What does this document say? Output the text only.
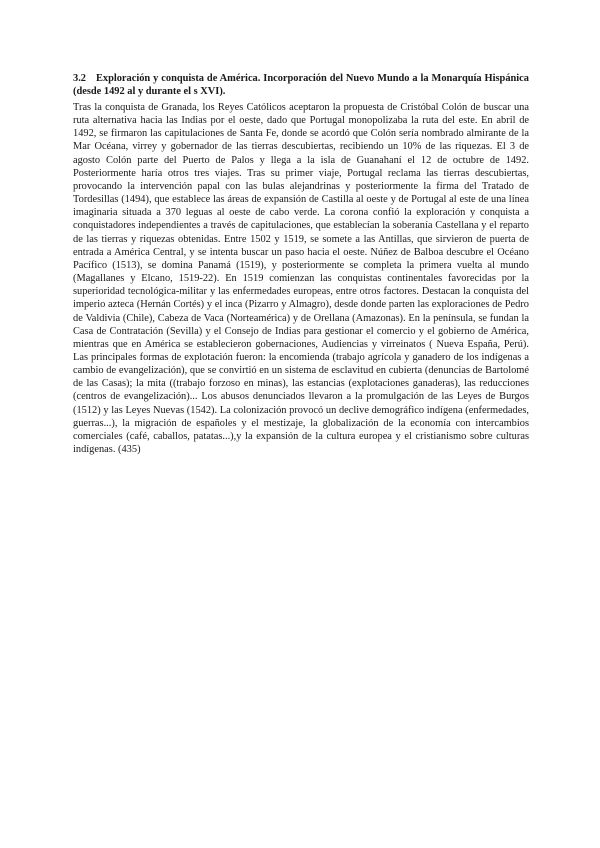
3.2 Exploración y conquista de América. Incorporación del Nuevo Mundo a la Monarquía Hispánica (desde 1492 al y durante el s XVI).

Tras la conquista de Granada, los Reyes Católicos aceptaron la propuesta de Cristóbal Colón de buscar una ruta alternativa hacia las Indias por el oeste, dado que Portugal monopolizaba la ruta del este. En abril de 1492, se firmaron las capitulaciones de Santa Fe, donde se acordó que Colón sería nombrado almirante de la Mar Océana, virrey y gobernador de las tierras descubiertas, recibiendo un 10% de las riquezas. El 3 de agosto Colón parte del Puerto de Palos y llega a la isla de Guanahaní el 12 de octubre de 1492. Posteriormente haría otros tres viajes. Tras su primer viaje, Portugal reclama las tierras descubiertas, provocando la intervención papal con las bulas alejandrinas y posteriormente la firma del Tratado de Tordesillas (1494), que establece las áreas de expansión de Castilla al oeste y de Portugal al este de una línea imaginaria situada a 370 leguas al oeste de cabo verde. La corona confió la exploración y conquista a conquistadores independientes a través de capitulaciones, que establecían la soberanía Castellana y el reparto de las tierras y riquezas obtenidas. Entre 1502 y 1519, se somete a las Antillas, que sirvieron de puerta de entrada a América Central, y se intenta buscar un paso hacia el oeste. Núñez de Balboa descubre el Océano Pacífico (1513), se domina Panamá (1519), y posteriormente se completa la primera vuelta al mundo (Magallanes y Elcano, 1519-22). En 1519 comienzan las conquistas continentales favorecidas por la superioridad tecnológica-militar y las enfermedades europeas, entre otros factores. Destacan la conquista del imperio azteca (Hernán Cortés) y el inca (Pizarro y Almagro), desde donde parten las exploraciones de Pedro de Valdivia (Chile), Cabeza de Vaca (Norteamérica) y de Orellana (Amazonas). En la península, se fundan la Casa de Contratación (Sevilla) y el Consejo de Indias para gestionar el comercio y el gobierno de América, mientras que en América se establecieron gobernaciones, Audiencias y virreinatos ( Nueva España, Perú). Las principales formas de explotación fueron: la encomienda (trabajo agrícola y ganadero de los indígenas a cambio de evangelización), que se convirtió en un sistema de esclavitud en cubierta (denuncias de Bartolomé de las Casas); la mita ((trabajo forzoso en minas), las estancias (explotaciones ganaderas), las reducciones (centros de evangelización)... Los abusos denunciados llevaron a la promulgación de las Leyes de Burgos (1512) y las Leyes Nuevas (1542). La colonización provocó un declive demográfico indígena (enfermedades, guerras...), la migración de españoles y el mestizaje, la globalización de la economía con intercambios comerciales (café, caballos, patatas...),y la expansión de la cultura europea y el cristianismo sobre culturas indígenas. (435)
